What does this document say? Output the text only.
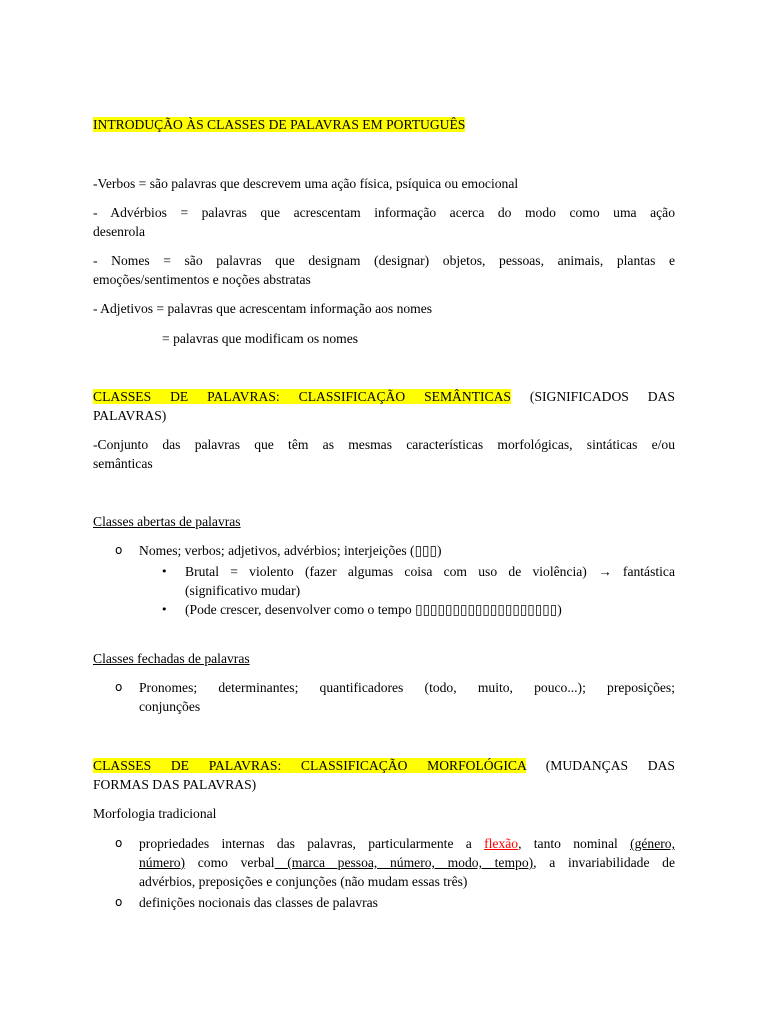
INTRODUÇÃO ÀS CLASSES DE PALAVRAS EM PORTUGUÊS

-Verbos = são palavras que descrevem uma ação física, psíquica ou emocional

- Advérbios = palavras que acrescentam informação acerca do modo como uma ação
desenrola

- Nomes = são palavras que designam (designar) objetos, pessoas, animais, plantas e
emoções/sentimentos e noções abstratas

- Adjetivos = palavras que acrescentam informação aos nomes

= palavras que modificam os nomes

CLASSES DE PALAVRAS: CLASSIFICAÇÃO SEMÂNTICAS (SIGNIFICADOS DAS
PALAVRAS)

-Conjunto das palavras que têm as mesmas características morfológicas, sintáticas e/ou
semânticas

Classes abertas de palavras

o Nomes; verbos; adjetivos, advérbios; interjeições (▯▯▯)
• Brutal = violento (fazer algumas coisa com uso de violência) → fantástica
(significativo mudar)
• (Pode crescer, desenvolver como o tempo ▯▯▯▯▯▯▯▯▯▯▯▯▯▯▯▯▯▯▯)

Classes fechadas de palavras

o Pronomes; determinantes; quantificadores (todo, muito, pouco...); preposições;
conjunções

CLASSES DE PALAVRAS: CLASSIFICAÇÃO MORFOLÓGICA (MUDANÇAS DAS
FORMAS DAS PALAVRAS)

Morfologia tradicional

o propriedades internas das palavras, particularmente a flexão, tanto nominal (género,
número) como verbal (marca pessoa, número, modo, tempo), a invariabilidade de
advérbios, preposições e conjunções (não mudam essas três)
o definições nocionais das classes de palavras
